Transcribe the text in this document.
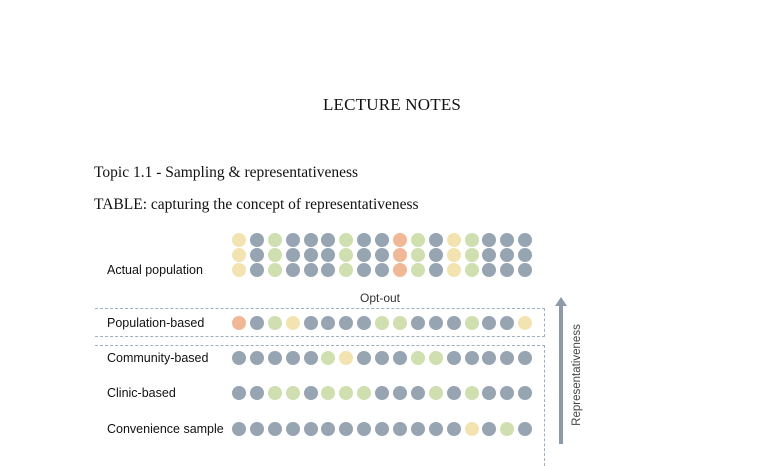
LECTURE NOTES
Topic 1.1 - Sampling & representativeness
TABLE: capturing the concept of representativeness
Actual population
Opt-out
Population-based
Community-based
Clinic-based
Convenience sample
Representativeness
